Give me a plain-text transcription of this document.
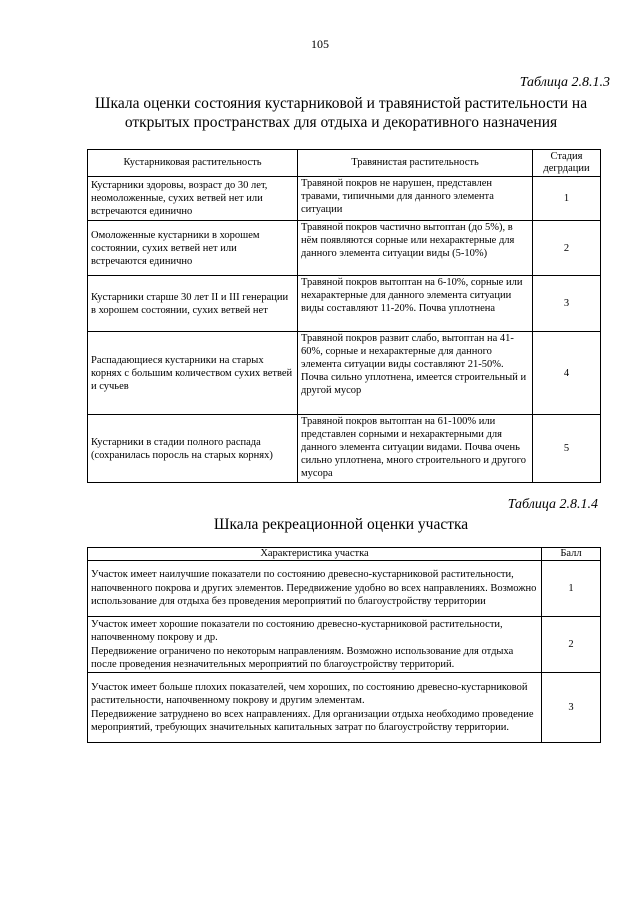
105
Таблица 2.8.1.3
Шкала оценки состояния кустарниковой и травянистой растительности на
открытых пространствах для отдыха и декоративного назначения
Кустарниковая растительность	Травянистая растительность	Стадия дегрдации
Кустарники здоровы, возраст до 30 лет, неомоложенные, сухих ветвей нет или встречаются единично	Травяной покров не нарушен, представлен травами, типичными для данного элемента ситуации	1
Омоложенные кустарники в хорошем состоянии, сухих ветвей нет или встречаются единично	Травяной покров частично вытоптан (до 5%), в нём появляются сорные или нехарактерные для данного элемента ситуации виды (5-10%)	2
Кустарники старше 30 лет II и III генерации в хорошем состоянии, сухих ветвей нет	Травяной покров вытоптан на 6-10%, сорные или нехарактерные для данного элемента ситуации виды составляют 11-20%. Почва уплотнена	3
Распадающиеся кустарники на старых корнях с большим количеством сухих ветвей и сучьев	Травяной покров развит слабо, вытоптан на 41-60%, сорные и нехарактерные для данного элемента ситуации виды составляют 21-50%.
Почва сильно уплотнена, имеется строительный и другой мусор	4
Кустарники в стадии полного распада (сохранилась поросль на старых корнях)	Травяной покров вытоптан на 61-100% или представлен сорными и нехарактерными для данного элемента ситуации видами. Почва очень сильно уплотнена, много строительного и другого мусора	5
Таблица 2.8.1.4
Шкала рекреационной оценки участка
Характеристика участка	Балл
Участок имеет наилучшие показатели по состоянию древесно-кустарниковой растительности, напочвенного покрова и других элементов. Передвижение удобно во всех направлениях. Возможно использование для отдыха без проведения мероприятий по благоустройству территории	1

Участок имеет хорошие показатели по состоянию древесно-кустарниковой растительности, напочвенному покрову и др.
Передвижение ограничено по некоторым направлениям. Возможно использование для отдыха после проведения незначительных мероприятий по благоустройству территорий.	2

Участок имеет больше плохих показателей, чем хороших, по состоянию древесно-кустарниковой растительности, напочвенному покрову и другим элементам.
Передвижение затруднено во всех направлениях. Для организации отдыха необходимо проведение мероприятий, требующих значительных капитальных затрат по благоустройству территории.	3
